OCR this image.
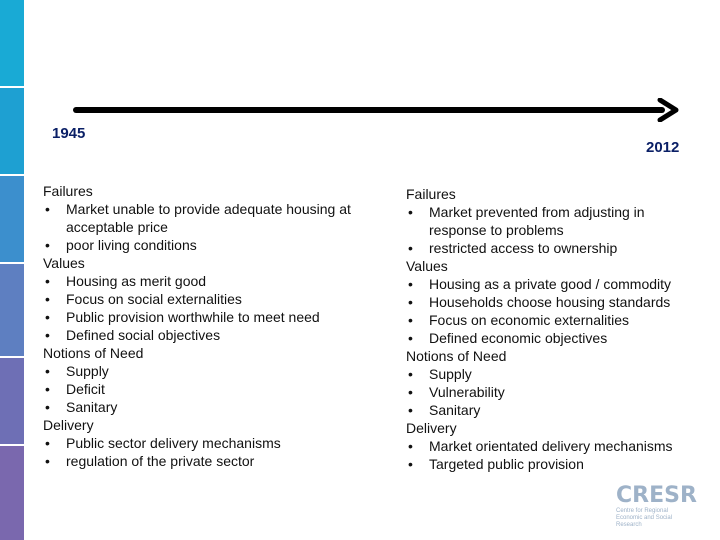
1945
2012
Failures
• Market unable to provide adequate housing at acceptable price
• poor living conditions
Values
• Housing as merit good
• Focus on social externalities
• Public provision worthwhile to meet need
• Defined social objectives
Notions of Need
• Supply
• Deficit
• Sanitary
Delivery
• Public sector delivery mechanisms
• regulation of the private sector
Failures
• Market prevented from adjusting in response to problems
• restricted access to ownership
Values
• Housing as a private good / commodity
• Households choose housing standards
• Focus on economic externalities
• Defined economic objectives
Notions of Need
• Supply
• Vulnerability
• Sanitary
Delivery
• Market orientated delivery mechanisms
• Targeted public provision
CRESR
Centre for Regional Economic and Social Research
